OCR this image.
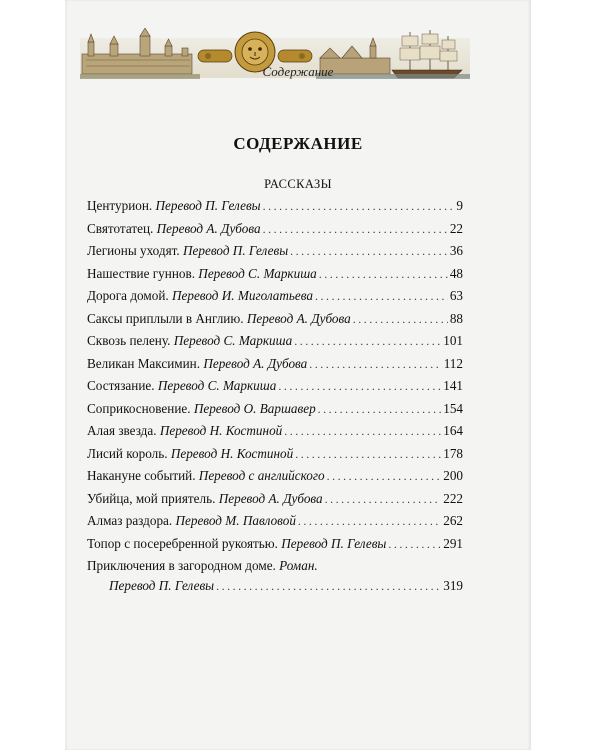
Содержание
СОДЕРЖАНИЕ
РАССКАЗЫ
Центурион.
Перевод П. Гелевы .....	9
Святотатец.
Перевод А. Дубова .....	22
Легионы уходят.
Перевод П. Гелевы .....	36
Нашествие гуннов.
Перевод С. Маркиша .....	48
Дорога домой.
Перевод И. Миголатьева .....	63
Саксы приплыли в Англию.
Перевод А. Дубова .....	88
Сквозь пелену.
Перевод С. Маркиша .....	101
Великан Максимин.
Перевод А. Дубова .....	112
Состязание.
Перевод С. Маркиша .....	141
Соприкосновение.
Перевод О. Варшавер .....	154
Алая звезда.
Перевод Н. Костиной .....	164
Лисий король.
Перевод Н. Костиной .....	178
Накануне событий.
Перевод с английского .....	200
Убийца, мой приятель.
Перевод А. Дубова .....	222
Алмаз раздора.
Перевод М. Павловой .....	262
Топор с посеребренной рукоятью.
Перевод П. Гелевы .....	291
Приключения в загородном доме. Роман.
Перевод П. Гелевы .....	319
